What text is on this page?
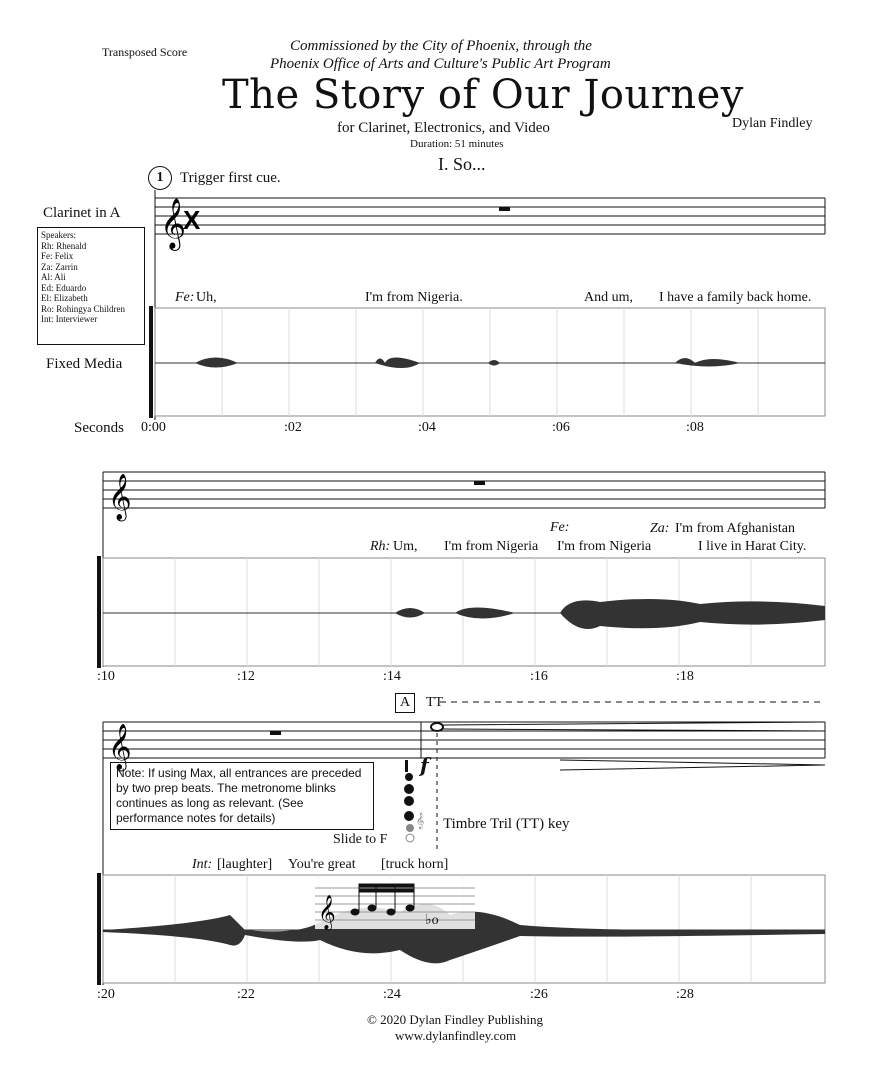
Transposed Score	Commissioned by the City of Phoenix, through the
Phoenix Office of Arts and Culture's Public Art Program
The Story of Our Journey
for Clarinet, Electronics, and Video
Duration: 51 minutes
Dylan Findley
I. So...
1	Trigger first cue.
Clarinet in A
Speakers:
Rh: Rhenald
Fe: Felix
Za: Zarrin
Al: Ali
Ed: Eduardo
El: Elizabeth
Ro: Rohingya Children
Int: Interviewer
Fixed Media
Seconds
𝄞
X
𝄞
𝄞
𝄞
𝄞	♭o
Fe: Uh,	I'm from Nigeria.	And um, I have a family back home.
0:00	:02	:04	:06	:08
Fe:	Za: I'm from Afghanistan
Rh: Um, I'm from Nigeria I'm from Nigeria	I live in Harat City.
:10	:12	:14	:16	:18
A	TT
f
Note: If using Max, all entrances are preceded by two prep beats. The metronome blinks continues as long as relevant. (See performance notes for details)
Slide to F
Timbre Tril (TT) key
Int: [laughter] You're great [truck horn]
:20	:22	:24	:26	:28
© 2020 Dylan Findley Publishing
www.dylanfindley.com
